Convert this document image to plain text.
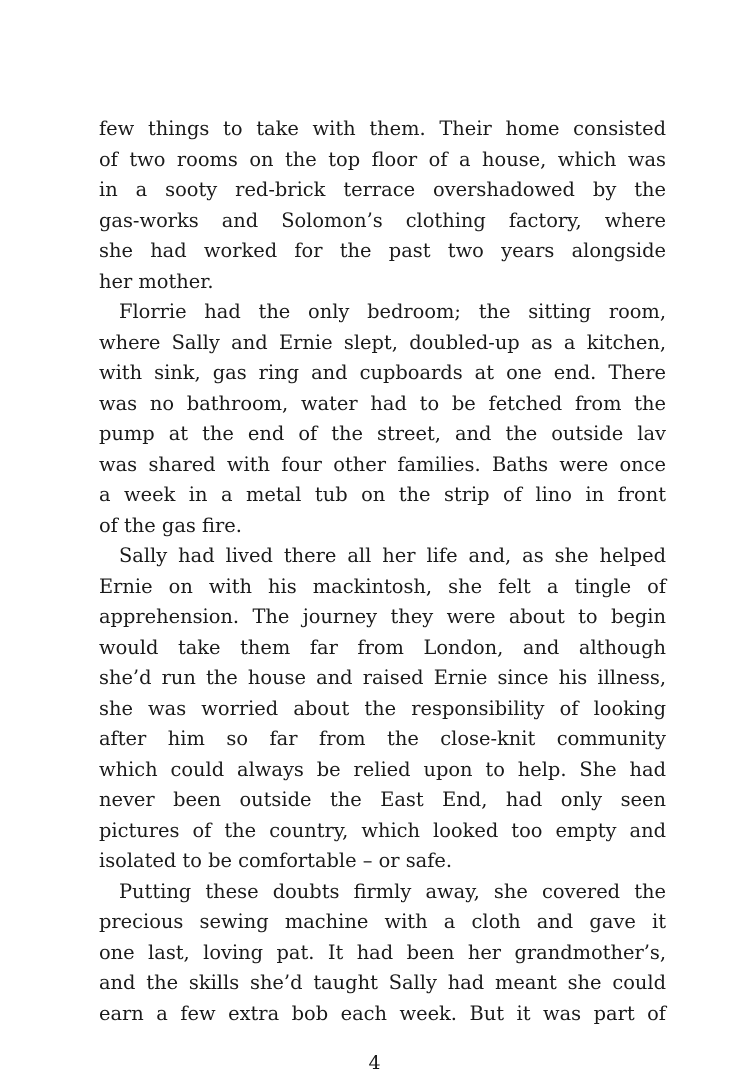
few things to take with them. Their home consisted
of two rooms on the top floor of a house, which was
in a sooty red-brick terrace overshadowed by the
gas-works and Solomon’s clothing factory, where
she had worked for the past two years alongside
her mother.
Florrie had the only bedroom; the sitting room,
where Sally and Ernie slept, doubled-up as a kitchen,
with sink, gas ring and cupboards at one end. There
was no bathroom, water had to be fetched from the
pump at the end of the street, and the outside lav
was shared with four other families. Baths were once
a week in a metal tub on the strip of lino in front
of the gas fire.
Sally had lived there all her life and, as she helped
Ernie on with his mackintosh, she felt a tingle of
apprehension. The journey they were about to begin
would take them far from London, and although
she’d run the house and raised Ernie since his illness,
she was worried about the responsibility of looking
after him so far from the close-knit community
which could always be relied upon to help. She had
never been outside the East End, had only seen
pictures of the country, which looked too empty and
isolated to be comfortable – or safe.
Putting these doubts firmly away, she covered the
precious sewing machine with a cloth and gave it
one last, loving pat. It had been her grandmother’s,
and the skills she’d taught Sally had meant she could
earn a few extra bob each week. But it was part of
4
